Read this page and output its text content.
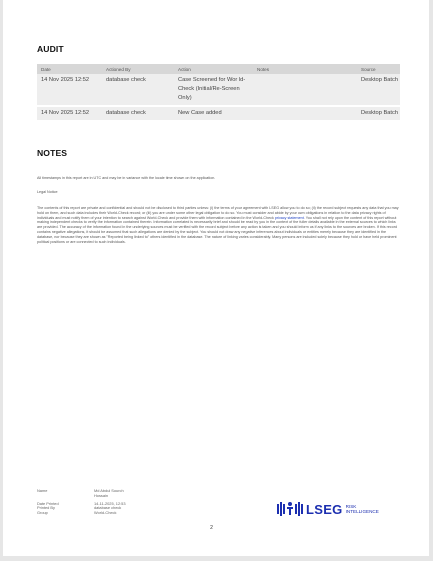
AUDIT
Date	Actioned By	Action	Notes	Source
14 Nov 2025 12:52	database check	Case Screened for Wor ld-Check (Initial/Re-Screen Only)		Desktop Batch

14 Nov 2025 12:52	database check	New Case added		Desktop Batch
NOTES

All timestamps in this report are in UTC and may be in variance with the locale time shown on the application.

Legal Notice

The contents of this report are private and confidential and should not be disclosed to third parties unless: (i) the terms of your agreement with LSEG allow you to do so; (ii) the record subject requests any data that you may hold on them, and such data includes their World-Check record; or (iii) you are under some other legal obligation to do so. You must consider and abide by your own obligations in relation to the data privacy rights of individuals and must notify them of your intention to search against World-Check and provide them with information contained in the World-Check privacy statement. You shall not rely upon the content of this report without making independent checks to verify the information contained therein. Information correlated is necessarily brief and should be read by you in the context of the fuller details available in the external sources to which links are provided. The accuracy of the information found in the underlying sources must be verified with the record subject before any action is taken and you should inform us if any links to the sources are broken. If this record contains negative allegations, it should be assumed that such allegations are denied by the subject. You should not draw any negative inferences about individuals or entities merely because they are identified in the database, nor because they are shown as "Reported being linked to" others identified in the database. The nature of linking varies considerably. Many persons are included solely because they hold or have held prominent political positions or are connected to such individuals.

Name	Md Abdul Sourch Hossain
Date Printed	14-11-2025, 12:53
Printed By	database check
Group	World-Check	LSEG RISK
INTELLIGENCE
2
